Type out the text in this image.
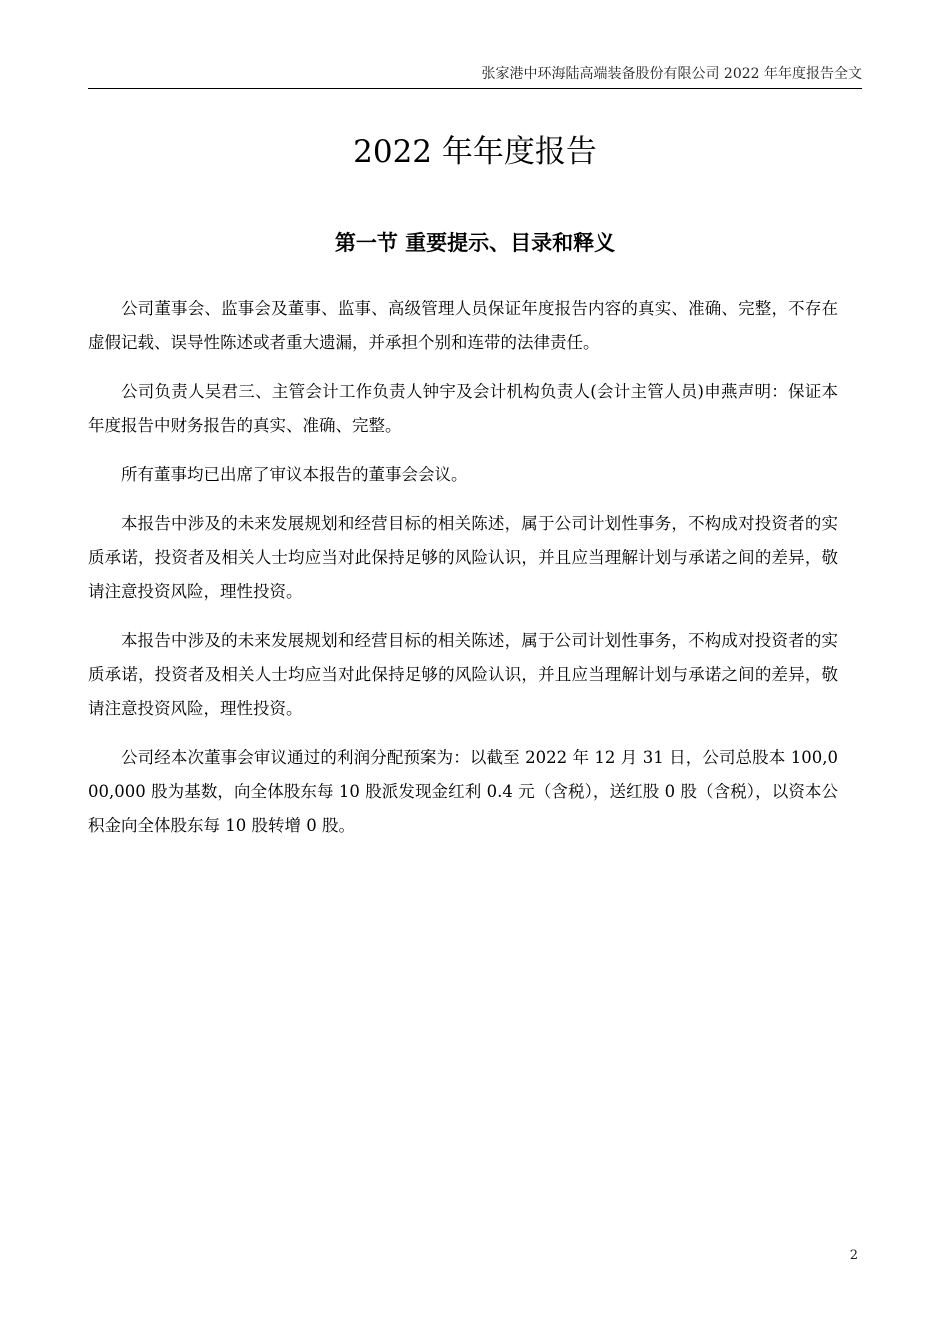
张家港中环海陆高端装备股份有限公司 2022 年年度报告全文
2022 年年度报告
第一节 重要提示、目录和释义

公司董事会、监事会及董事、监事、高级管理人员保证年度报告内容的真实、准确、完整，不存在虚假记载、误导性陈述或者重大遗漏，并承担个别和连带的法律责任。

公司负责人吴君三、主管会计工作负责人钟宇及会计机构负责人(会计主管人员)申燕声明：保证本年度报告中财务报告的真实、准确、完整。

所有董事均已出席了审议本报告的董事会会议。

本报告中涉及的未来发展规划和经营目标的相关陈述，属于公司计划性事务，不构成对投资者的实质承诺，投资者及相关人士均应当对此保持足够的风险认识，并且应当理解计划与承诺之间的差异，敬请注意投资风险，理性投资。

本报告中涉及的未来发展规划和经营目标的相关陈述，属于公司计划性事务，不构成对投资者的实质承诺，投资者及相关人士均应当对此保持足够的风险认识，并且应当理解计划与承诺之间的差异，敬请注意投资风险，理性投资。

公司经本次董事会审议通过的利润分配预案为：以截至 2022 年 12 月 31 日，公司总股本 100,000,000 股为基数，向全体股东每 10 股派发现金红利 0.4 元（含税），送红股 0 股（含税），以资本公积金向全体股东每 10 股转增 0 股。

2
